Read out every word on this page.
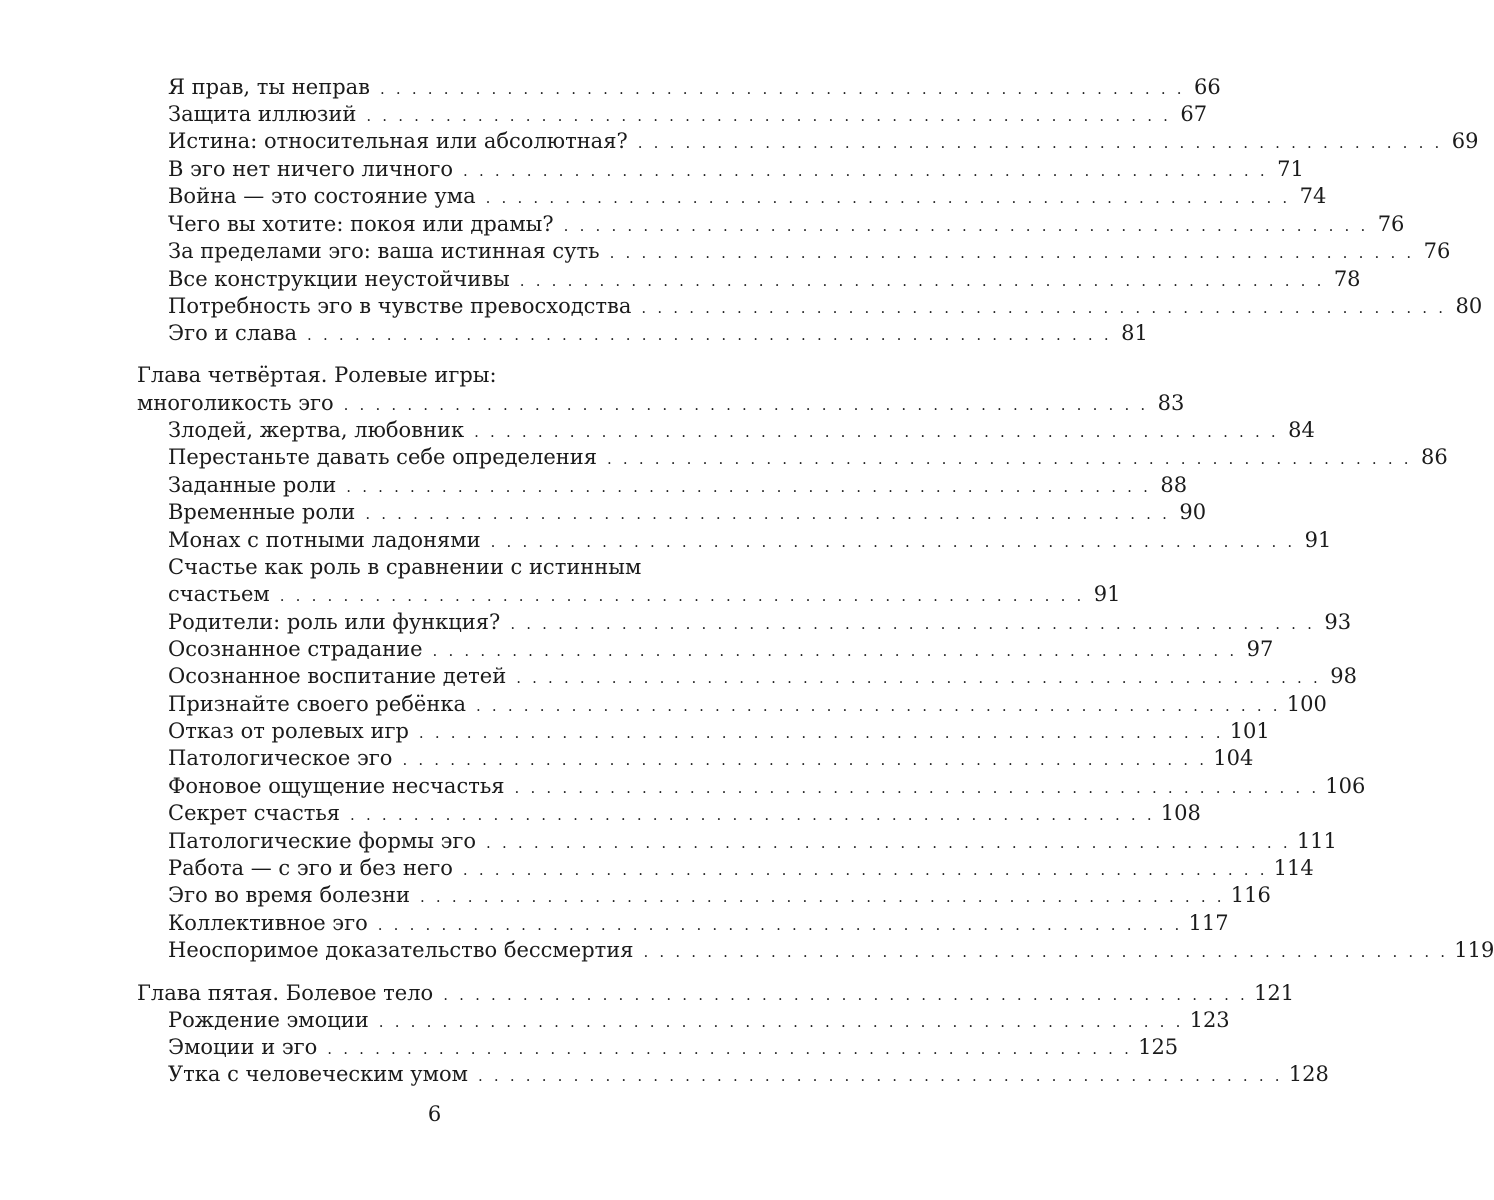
Я прав, ты неправ . . . . . . . . . . . . . . . . . . . . . . . . . . . . . . . . . . . . . . . . . . . . . . . . . . . 66
Защита иллюзий . . . . . . . . . . . . . . . . . . . . . . . . . . . . . . . . . . . . . . . . . . . . . . . . . . . 67
Истина: относительная или абсолютная? . . . . . . . . . . . . . . . . . . . . . . . . . . . . . . . . . . . . . . . . . . . . . . . . . . . 69
В эго нет ничего личного . . . . . . . . . . . . . . . . . . . . . . . . . . . . . . . . . . . . . . . . . . . . . . . . . . . 71
Война — это состояние ума . . . . . . . . . . . . . . . . . . . . . . . . . . . . . . . . . . . . . . . . . . . . . . . . . . . 74
Чего вы хотите: покоя или драмы? . . . . . . . . . . . . . . . . . . . . . . . . . . . . . . . . . . . . . . . . . . . . . . . . . . . 76
За пределами эго: ваша истинная суть . . . . . . . . . . . . . . . . . . . . . . . . . . . . . . . . . . . . . . . . . . . . . . . . . . . 76
Все конструкции неустойчивы . . . . . . . . . . . . . . . . . . . . . . . . . . . . . . . . . . . . . . . . . . . . . . . . . . . 78
Потребность эго в чувстве превосходства . . . . . . . . . . . . . . . . . . . . . . . . . . . . . . . . . . . . . . . . . . . . . . . . . . . 80
Эго и слава . . . . . . . . . . . . . . . . . . . . . . . . . . . . . . . . . . . . . . . . . . . . . . . . . . . 81
Глава четвёртая. Ролевые игры:
многоликость эго . . . . . . . . . . . . . . . . . . . . . . . . . . . . . . . . . . . . . . . . . . . . . . . . . . . 83
Злодей, жертва, любовник . . . . . . . . . . . . . . . . . . . . . . . . . . . . . . . . . . . . . . . . . . . . . . . . . . . 84
Перестаньте давать себе определения . . . . . . . . . . . . . . . . . . . . . . . . . . . . . . . . . . . . . . . . . . . . . . . . . . . 86
Заданные роли . . . . . . . . . . . . . . . . . . . . . . . . . . . . . . . . . . . . . . . . . . . . . . . . . . . 88
Временные роли . . . . . . . . . . . . . . . . . . . . . . . . . . . . . . . . . . . . . . . . . . . . . . . . . . . 90
Монах с потными ладонями . . . . . . . . . . . . . . . . . . . . . . . . . . . . . . . . . . . . . . . . . . . . . . . . . . . 91
Счастье как роль в сравнении с истинным
счастьем . . . . . . . . . . . . . . . . . . . . . . . . . . . . . . . . . . . . . . . . . . . . . . . . . . . 91
Родители: роль или функция? . . . . . . . . . . . . . . . . . . . . . . . . . . . . . . . . . . . . . . . . . . . . . . . . . . . 93
Осознанное страдание . . . . . . . . . . . . . . . . . . . . . . . . . . . . . . . . . . . . . . . . . . . . . . . . . . . 97
Осознанное воспитание детей . . . . . . . . . . . . . . . . . . . . . . . . . . . . . . . . . . . . . . . . . . . . . . . . . . . 98
Признайте своего ребёнка . . . . . . . . . . . . . . . . . . . . . . . . . . . . . . . . . . . . . . . . . . . . . . . . . . . 100
Отказ от ролевых игр . . . . . . . . . . . . . . . . . . . . . . . . . . . . . . . . . . . . . . . . . . . . . . . . . . . 101
Патологическое эго . . . . . . . . . . . . . . . . . . . . . . . . . . . . . . . . . . . . . . . . . . . . . . . . . . . 104
Фоновое ощущение несчастья . . . . . . . . . . . . . . . . . . . . . . . . . . . . . . . . . . . . . . . . . . . . . . . . . . . 106
Секрет счастья . . . . . . . . . . . . . . . . . . . . . . . . . . . . . . . . . . . . . . . . . . . . . . . . . . . 108
Патологические формы эго . . . . . . . . . . . . . . . . . . . . . . . . . . . . . . . . . . . . . . . . . . . . . . . . . . . 111
Работа — с эго и без него . . . . . . . . . . . . . . . . . . . . . . . . . . . . . . . . . . . . . . . . . . . . . . . . . . . 114
Эго во время болезни . . . . . . . . . . . . . . . . . . . . . . . . . . . . . . . . . . . . . . . . . . . . . . . . . . . 116
Коллективное эго . . . . . . . . . . . . . . . . . . . . . . . . . . . . . . . . . . . . . . . . . . . . . . . . . . . 117
Неоспоримое доказательство бессмертия . . . . . . . . . . . . . . . . . . . . . . . . . . . . . . . . . . . . . . . . . . . . . . . . . . . 119
Глава пятая. Болевое тело . . . . . . . . . . . . . . . . . . . . . . . . . . . . . . . . . . . . . . . . . . . . . . . . . . . 121
Рождение эмоции . . . . . . . . . . . . . . . . . . . . . . . . . . . . . . . . . . . . . . . . . . . . . . . . . . . 123
Эмоции и эго . . . . . . . . . . . . . . . . . . . . . . . . . . . . . . . . . . . . . . . . . . . . . . . . . . . 125
Утка с человеческим умом . . . . . . . . . . . . . . . . . . . . . . . . . . . . . . . . . . . . . . . . . . . . . . . . . . . 128
6
